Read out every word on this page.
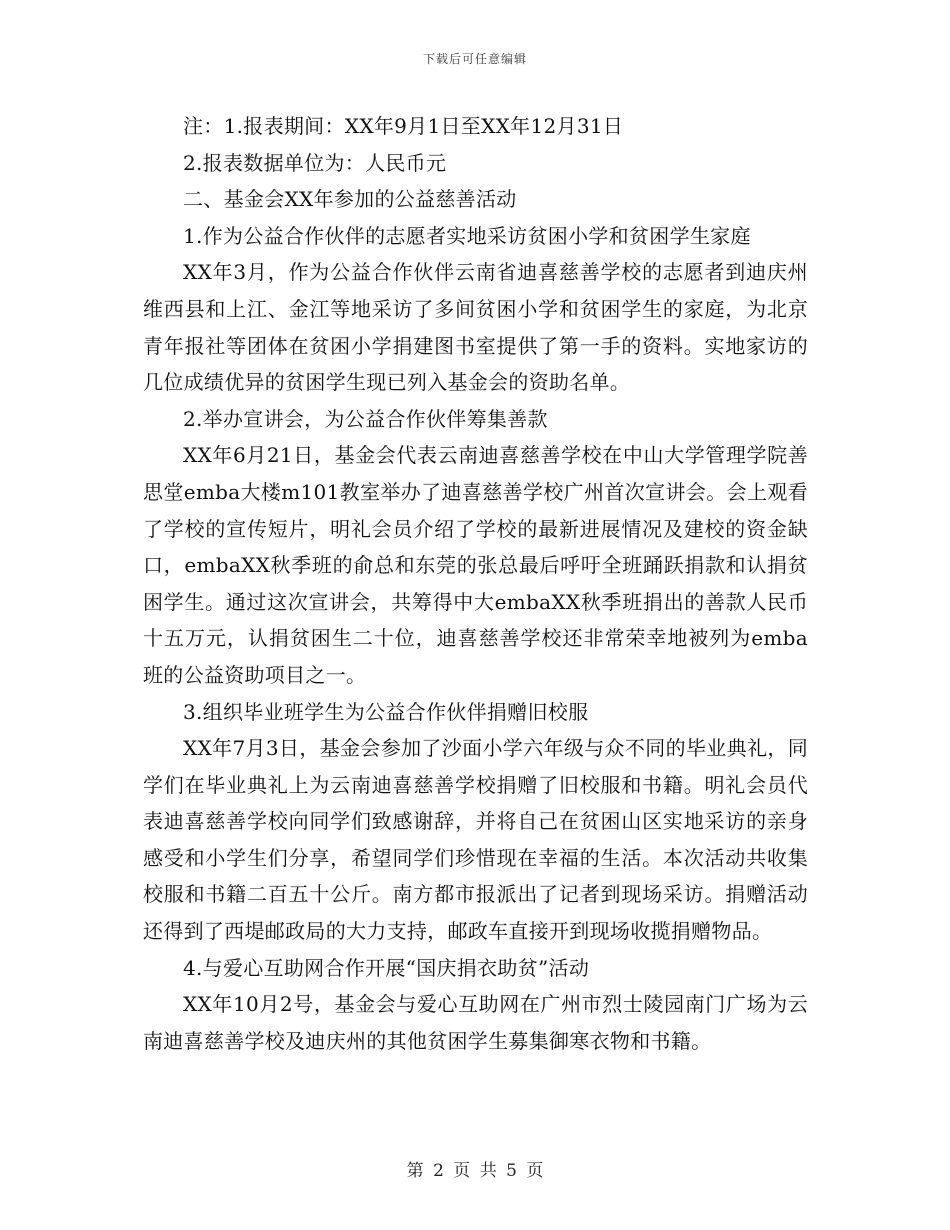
下载后可任意编辑

注：1.报表期间：XX年9月1日至XX年12月31日

2.报表数据单位为：人民币元

二、基金会XX年参加的公益慈善活动

1.作为公益合作伙伴的志愿者实地采访贫困小学和贫困学生家庭

XX年3月，作为公益合作伙伴云南省迪喜慈善学校的志愿者到迪庆州维西县和上江、金江等地采访了多间贫困小学和贫困学生的家庭，为北京青年报社等团体在贫困小学捐建图书室提供了第一手的资料。实地家访的几位成绩优异的贫困学生现已列入基金会的资助名单。

2.举办宣讲会，为公益合作伙伴筹集善款

XX年6月21日，基金会代表云南迪喜慈善学校在中山大学管理学院善思堂emba大楼m101教室举办了迪喜慈善学校广州首次宣讲会。会上观看了学校的宣传短片，明礼会员介绍了学校的最新进展情况及建校的资金缺口，embaXX秋季班的俞总和东莞的张总最后呼吁全班踊跃捐款和认捐贫困学生。通过这次宣讲会，共筹得中大embaXX秋季班捐出的善款人民币十五万元，认捐贫困生二十位，迪喜慈善学校还非常荣幸地被列为emba班的公益资助项目之一。

3.组织毕业班学生为公益合作伙伴捐赠旧校服

XX年7月3日，基金会参加了沙面小学六年级与众不同的毕业典礼，同学们在毕业典礼上为云南迪喜慈善学校捐赠了旧校服和书籍。明礼会员代表迪喜慈善学校向同学们致感谢辞，并将自己在贫困山区实地采访的亲身感受和小学生们分享，希望同学们珍惜现在幸福的生活。本次活动共收集校服和书籍二百五十公斤。南方都市报派出了记者到现场采访。捐赠活动还得到了西堤邮政局的大力支持，邮政车直接开到现场收揽捐赠物品。

4.与爱心互助网合作开展“国庆捐衣助贫”活动

XX年10月2号，基金会与爱心互助网在广州市烈士陵园南门广场为云南迪喜慈善学校及迪庆州的其他贫困学生募集御寒衣物和书籍。

第 2 页 共 5 页
